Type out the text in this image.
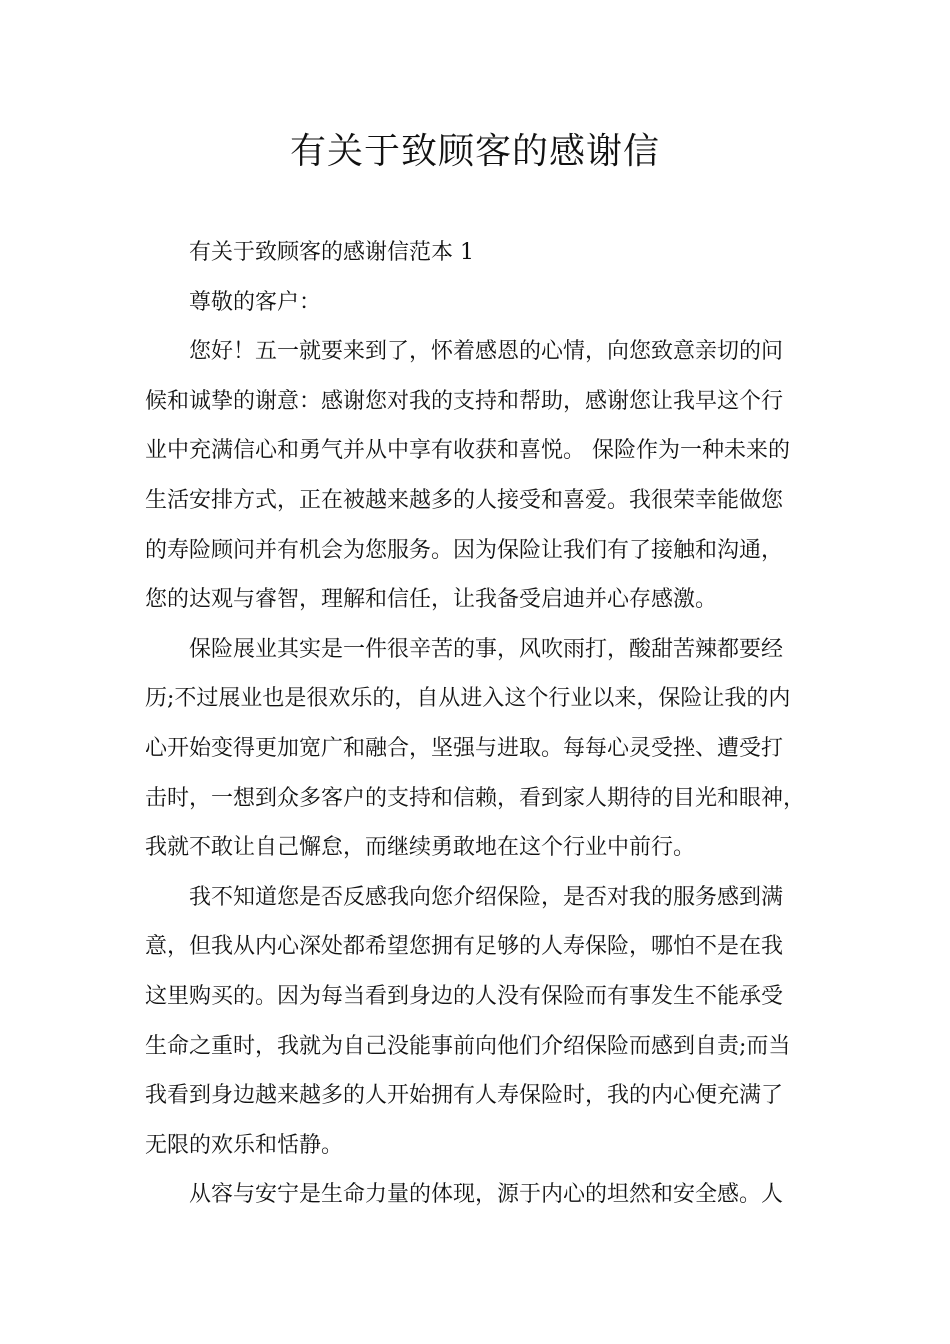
有关于致顾客的感谢信

有关于致顾客的感谢信范本 1

尊敬的客户：

　　您好！五一就要来到了，怀着感恩的心情，向您致意亲切的问
候和诚挚的谢意：感谢您对我的支持和帮助，感谢您让我早这个行
业中充满信心和勇气并从中享有收获和喜悦。 保险作为一种未来的
生活安排方式，正在被越来越多的人接受和喜爱。我很荣幸能做您
的寿险顾问并有机会为您服务。因为保险让我们有了接触和沟通，
您的达观与睿智，理解和信任，让我备受启迪并心存感激。

　　保险展业其实是一件很辛苦的事，风吹雨打，酸甜苦辣都要经
历;不过展业也是很欢乐的，自从进入这个行业以来，保险让我的内
心开始变得更加宽广和融合，坚强与进取。每每心灵受挫、遭受打
击时，一想到众多客户的支持和信赖，看到家人期待的目光和眼神，
我就不敢让自己懈怠，而继续勇敢地在这个行业中前行。

　　我不知道您是否反感我向您介绍保险，是否对我的服务感到满
意，但我从内心深处都希望您拥有足够的人寿保险，哪怕不是在我
这里购买的。因为每当看到身边的人没有保险而有事发生不能承受
生命之重时，我就为自己没能事前向他们介绍保险而感到自责;而当
我看到身边越来越多的人开始拥有人寿保险时，我的内心便充满了
无限的欢乐和恬静。

　　从容与安宁是生命力量的体现，源于内心的坦然和安全感。人
